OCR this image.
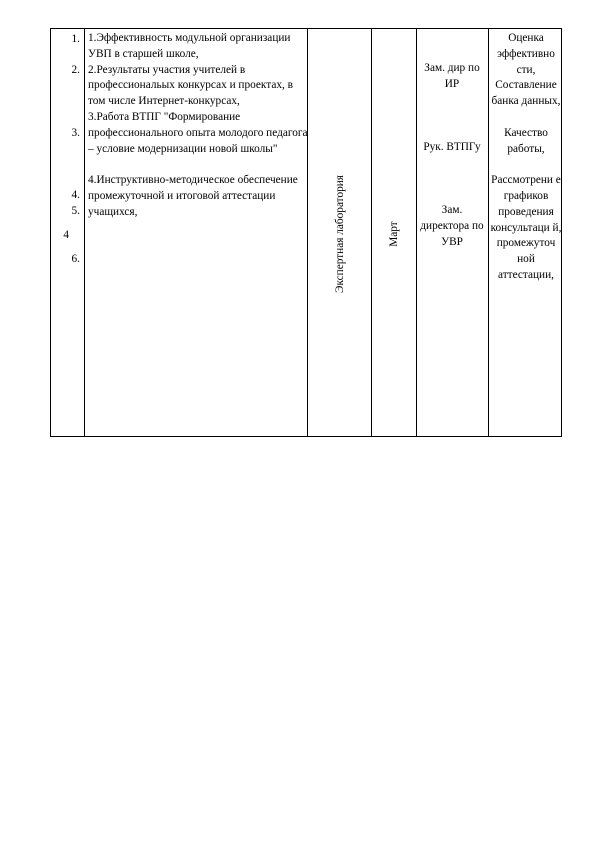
1.
2.
3.
4.
5.
4
6.

1.Эффективность модульной организации УВП в старшей школе,

2.Результаты участия учителей в профессиональых конкурсах и проектах, в том числе Интернет-конкурсах,

3.Работа ВТПГ "Формирование профессионального опыта молодого педагога – условие модернизации новой школы"

4.Инструктивно-методическое обеспечение промежуточной и итоговой аттестации учащихся,	Экспертная лаборатория	Март
Зам. дир по ИР
Рук. ВТПГу
Зам. директора по УВР

Оценка эффективно сти,

Составление банка данных,

Качество работы,

Рассмотрени е графиков проведения консультаци й, промежуточ ной аттестации,
